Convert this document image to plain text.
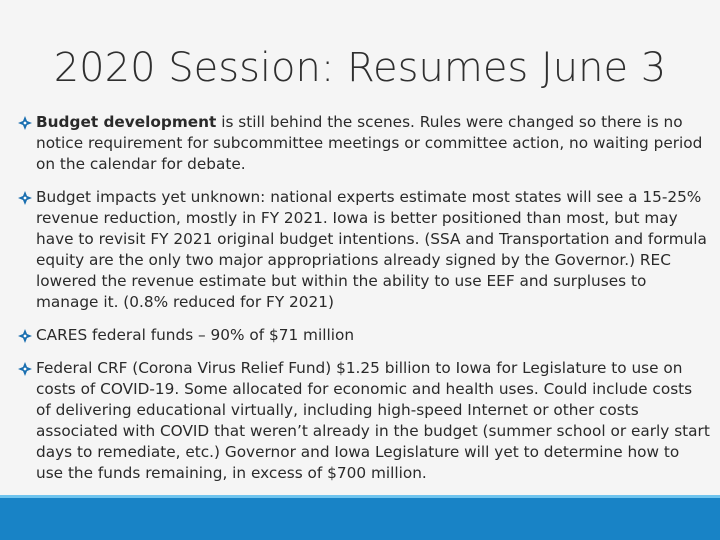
2020 Session: Resumes June 3
Budget development is still behind the scenes. Rules were changed so there is no notice requirement for subcommittee meetings or committee action, no waiting period on the calendar for debate.
Budget impacts yet unknown: national experts estimate most states will see a 15-25% revenue reduction, mostly in FY 2021. Iowa is better positioned than most, but may have to revisit FY 2021 original budget intentions. (SSA and Transportation and formula equity are the only two major appropriations already signed by the Governor.) REC lowered the revenue estimate but within the ability to use EEF and surpluses to manage it. (0.8% reduced for FY 2021)
CARES federal funds – 90% of $71 million
Federal CRF (Corona Virus Relief Fund) $1.25 billion to Iowa for Legislature to use on costs of COVID-19. Some allocated for economic and health uses. Could include costs of delivering educational virtually, including high-speed Internet or other costs associated with COVID that weren’t already in the budget (summer school or early start days to remediate, etc.) Governor and Iowa Legislature will yet to determine how to use the funds remaining, in excess of $700 million.
